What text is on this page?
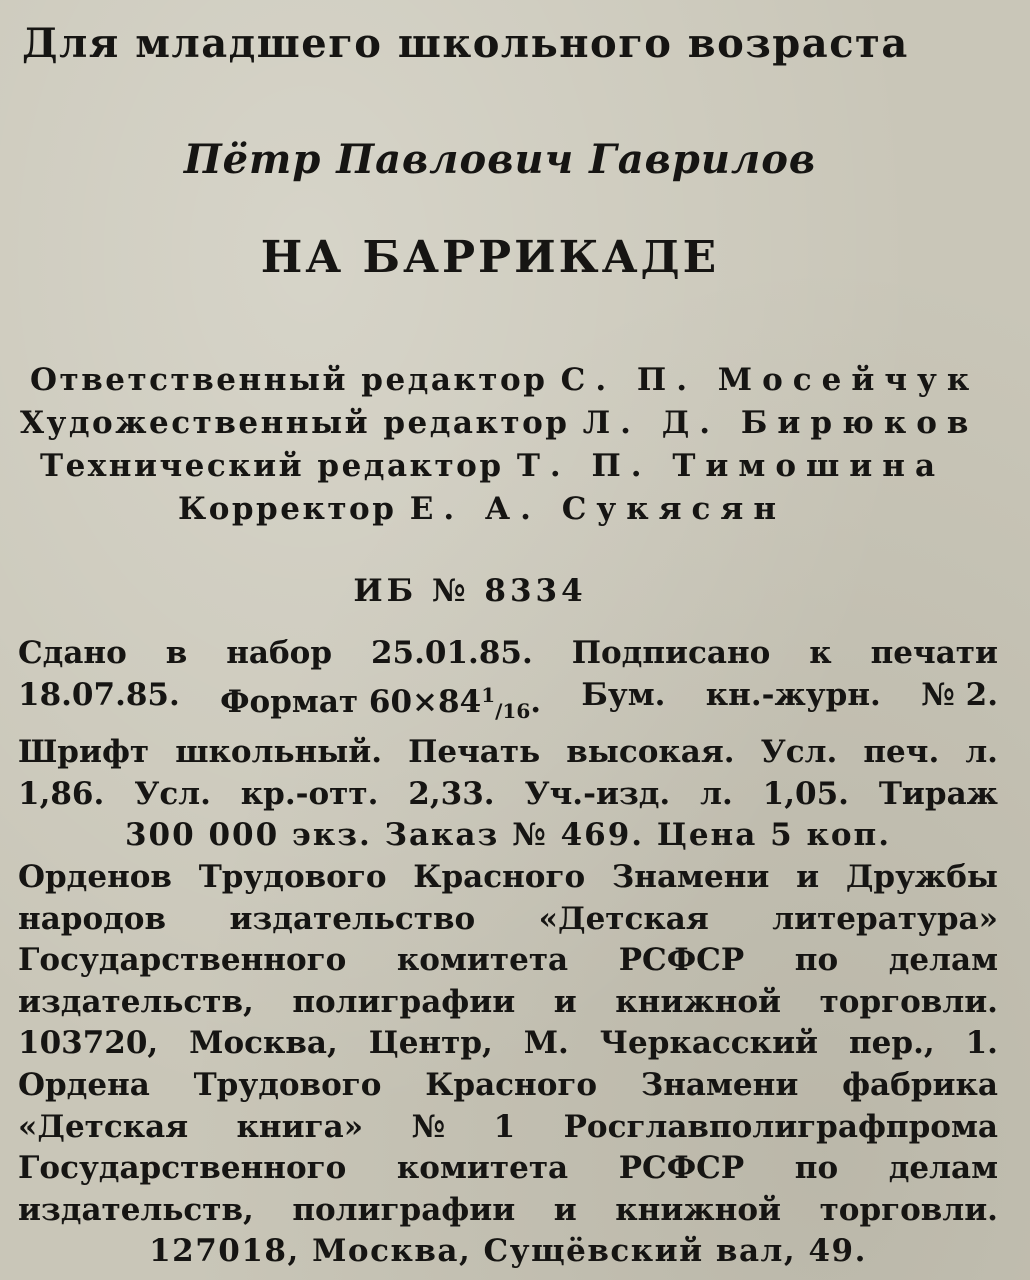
Для младшего школьного возраста
Пётр Павлович Гаврилов
НА БАРРИКАДЕ
Ответственный редактор С. П. Мосейчук
Художественный редактор Л. Д. Бирюков
Технический редактор Т. П. Тимошина
Корректор Е. А. Сукясян
ИБ № 8334
Сдано в набор 25.01.85. Подписано к печати
18.07.85. Формат 60×841/16. Бум. кн.-журн. № 2.
Шрифт школьный. Печать высокая. Усл. печ. л.
1,86. Усл. кр.-отт. 2,33. Уч.-изд. л. 1,05. Тираж
300 000 экз. Заказ № 469. Цена 5 коп.
Орденов Трудового Красного Знамени и Дружбы
народов издательство «Детская литература»
Государственного комитета РСФСР по делам
издательств, полиграфии и книжной торговли.
103720, Москва, Центр, М. Черкасский пер., 1.
Ордена Трудового Красного Знамени фабрика
«Детская книга» № 1 Росглавполиграфпрома
Государственного комитета РСФСР по делам
издательств, полиграфии и книжной торговли.
127018, Москва, Сущёвский вал, 49.
